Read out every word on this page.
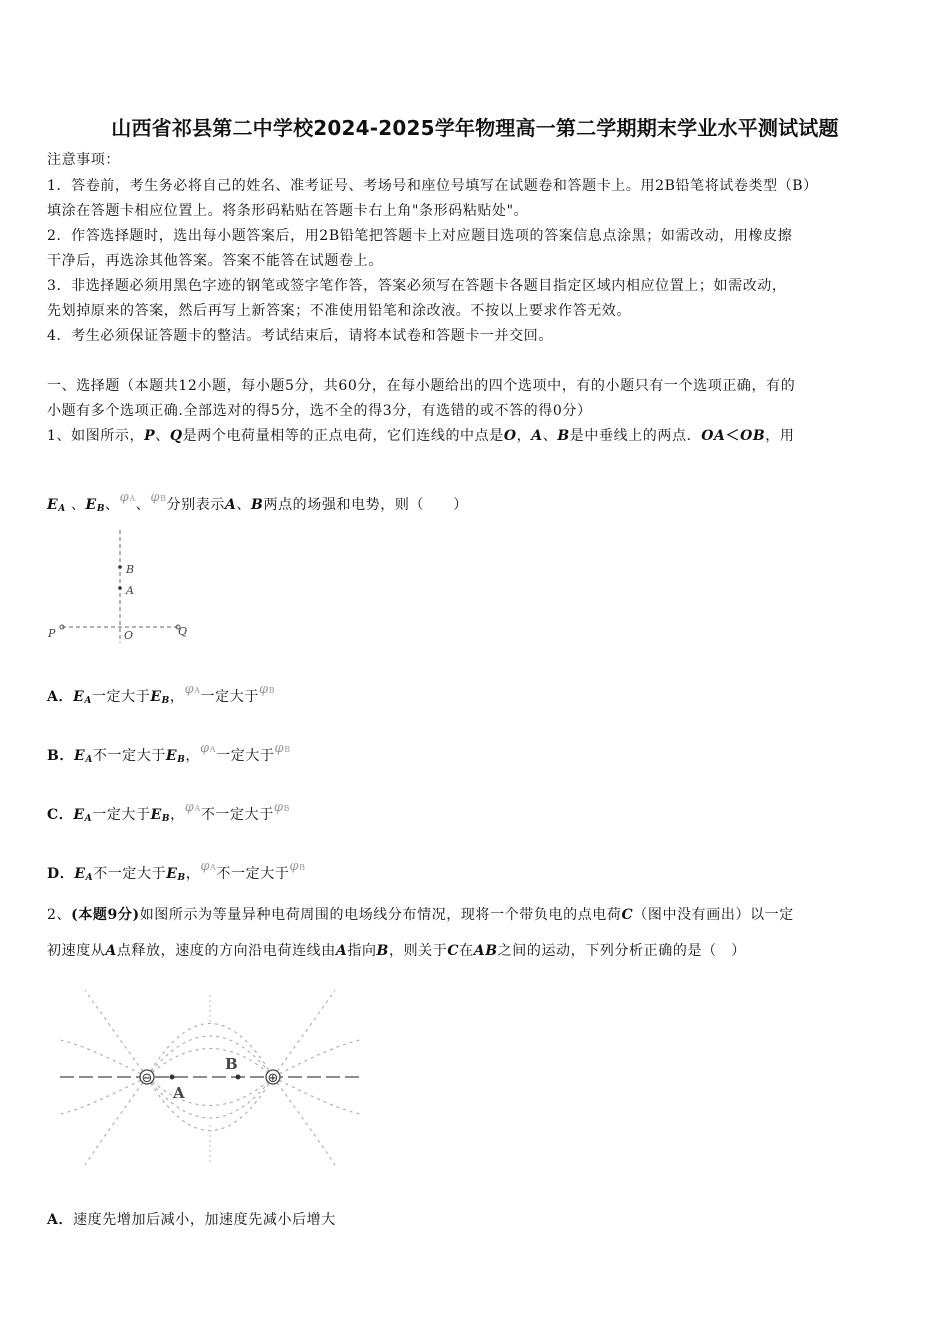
山西省祁县第二中学校2024-2025学年物理高一第二学期期末学业水平测试试题
注意事项：
1．答卷前，考生务必将自己的姓名、准考证号、考场号和座位号填写在试题卷和答题卡上。用2B铅笔将试卷类型（B）
填涂在答题卡相应位置上。将条形码粘贴在答题卡右上角"条形码粘贴处"。
2．作答选择题时，选出每小题答案后，用2B铅笔把答题卡上对应题目选项的答案信息点涂黑；如需改动，用橡皮擦
干净后，再选涂其他答案。答案不能答在试题卷上。
3．非选择题必须用黑色字迹的钢笔或签字笔作答，答案必须写在答题卡各题目指定区域内相应位置上；如需改动，
先划掉原来的答案，然后再写上新答案；不准使用铅笔和涂改液。不按以上要求作答无效。
4．考生必须保证答题卡的整洁。考试结束后，请将本试卷和答题卡一并交回。
一、选择题（本题共12小题，每小题5分，共60分，在每小题给出的四个选项中，有的小题只有一个选项正确，有的
小题有多个选项正确.全部选对的得5分，选不全的得3分，有选错的或不答的得0分）
1、如图所示，P、Q是两个电荷量相等的正点电荷，它们连线的中点是O，A、B是中垂线上的两点．OA＜OB，用
$E_A$ 、$E_B$、φA、φB分别表示A、B两点的场强和电势，则（　　）
B
A
P	O	Q
A．$E_A$一定大于$E_B$，φA一定大于φB
B．$E_A$不一定大于$E_B$，φA一定大于φB
C．$E_A$一定大于$E_B$，φA不一定大于φB
D．$E_A$不一定大于$E_B$，φA不一定大于φB
2、(本题9分)如图所示为等量异种电荷周围的电场线分布情况，现将一个带负电的点电荷C（图中没有画出）以一定
初速度从A点释放，速度的方向沿电荷连线由A指向B，则关于C在AB之间的运动，下列分析正确的是（　）
⊖	⊕
A
B
A．速度先增加后减小，加速度先减小后增大
